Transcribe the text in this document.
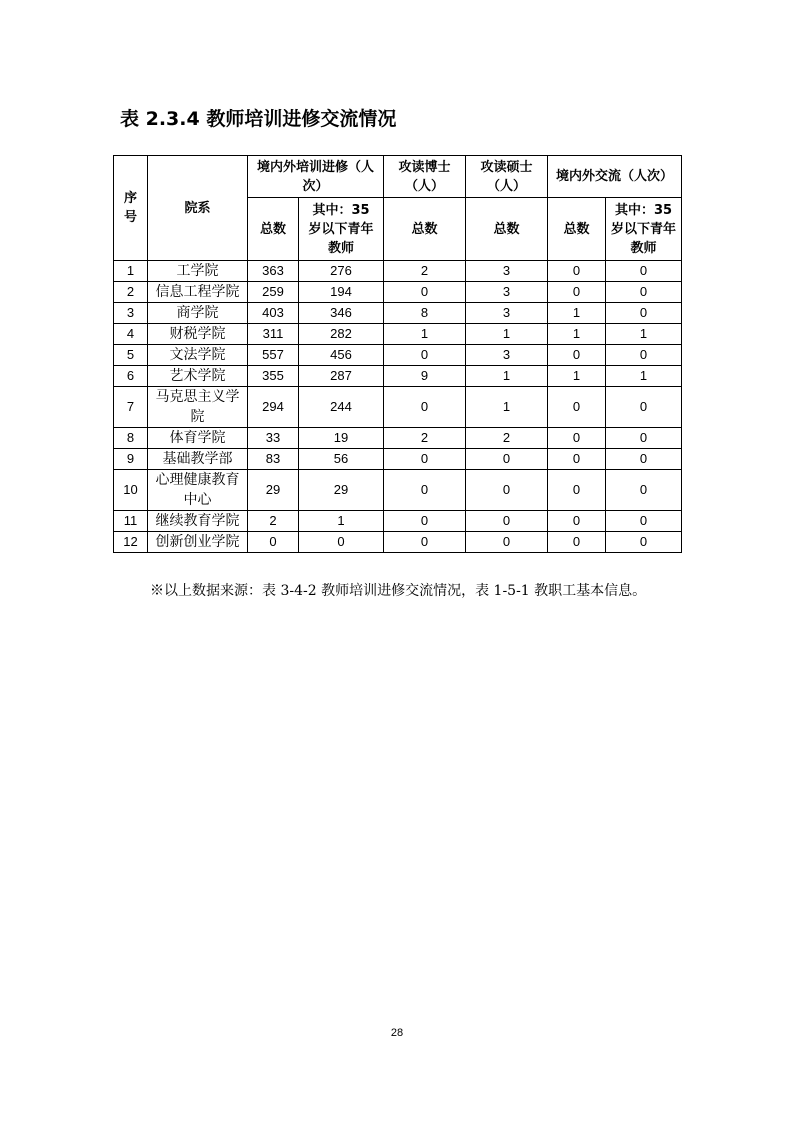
表 2.3.4 教师培训进修交流情况
序号	院系	境内外培训进修（人次）		攻读博士（人）	攻读硕士（人）	境内外交流（人次）	
		总数	其中：35 岁以下青年教师	总数	总数	总数	其中：35 岁以下青年教师
1	工学院	363	276	2	3	0	0
2	信息工程学院	259	194	0	3	0	0
3	商学院	403	346	8	3	1	0
4	财税学院	311	282	1	1	1	1
5	文法学院	557	456	0	3	0	0
6	艺术学院	355	287	9	1	1	1
7	马克思主义学院	294	244	0	1	0	0
8	体育学院	33	19	2	2	0	0
9	基础教学部	83	56	0	0	0	0
10	心理健康教育中心	29	29	0	0	0	0
11	继续教育学院	2	1	0	0	0	0
12	创新创业学院	0	0	0	0	0	0

※以上数据来源：表 3-4-2 教师培训进修交流情况，表 1-5-1 教职工基本信息。

28
